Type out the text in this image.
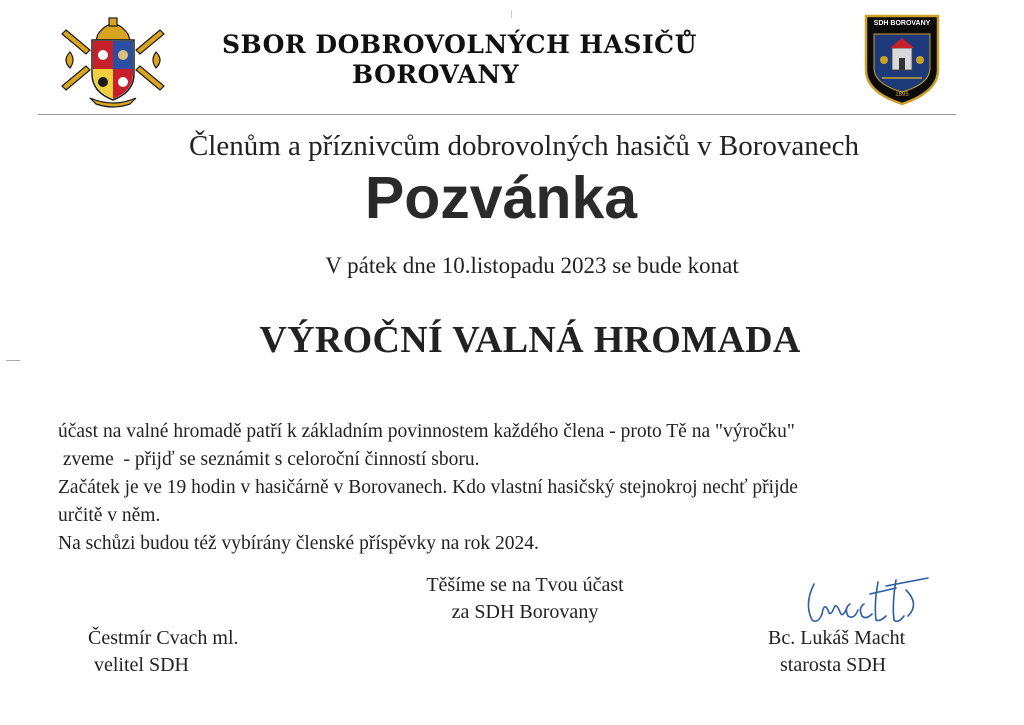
SBOR DOBROVOLNÝCH HASIČŮ
BOROVANY
SDH BOROVANY
1895
Členům a příznivcům dobrovolných hasičů v Borovanech
Pozvánka
V pátek dne 10.listopadu 2023 se bude konat
VÝROČNÍ VALNÁ HROMADA

účast na valné hromadě patří k základním povinnostem každého člena - proto Tě na "výročku"

zveme  - přijď se seznámit s celoroční činností sboru.

Začátek je ve 19 hodin v hasičárně v Borovanech. Kdo vlastní hasičský stejnokroj nechť přijde

určitě v něm.

Na schůzi budou též vybírány členské příspěvky na rok 2024.

Těšíme se na Tvou účast
za SDH Borovany
Čestmír Cvach ml.
velitel SDH
Bc. Lukáš Macht
starosta SDH
